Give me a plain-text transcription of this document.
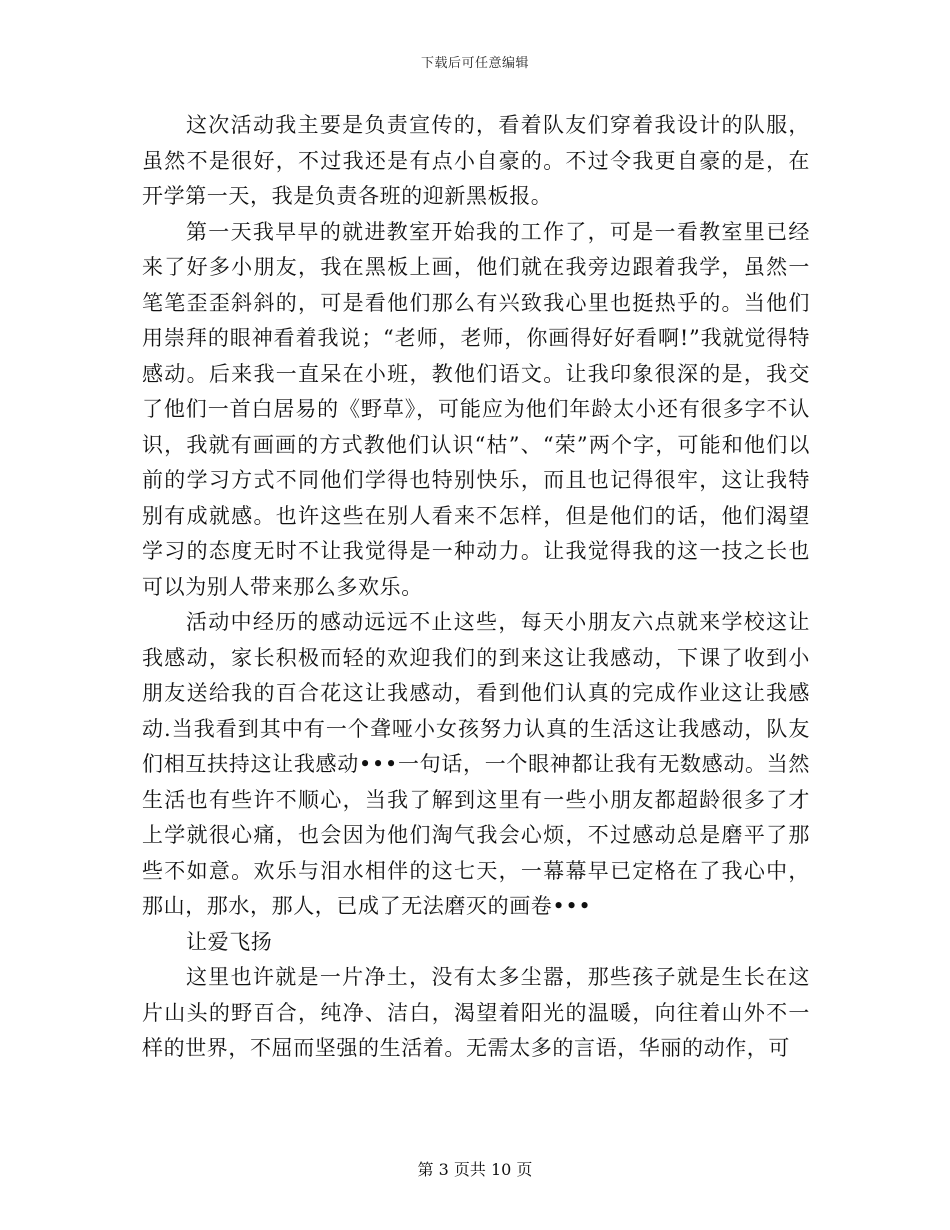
下载后可任意编辑

这次活动我主要是负责宣传的，看着队友们穿着我设计的队服，虽然不是很好，不过我还是有点小自豪的。不过令我更自豪的是，在开学第一天，我是负责各班的迎新黑板报。

第一天我早早的就进教室开始我的工作了，可是一看教室里已经来了好多小朋友，我在黑板上画，他们就在我旁边跟着我学，虽然一笔笔歪歪斜斜的，可是看他们那么有兴致我心里也挺热乎的。当他们用崇拜的眼神看着我说；“老师，老师，你画得好好看啊!”我就觉得特感动。后来我一直呆在小班，教他们语文。让我印象很深的是，我交了他们一首白居易的《野草》，可能应为他们年龄太小还有很多字不认识，我就有画画的方式教他们认识“枯”、“荣”两个字，可能和他们以前的学习方式不同他们学得也特别快乐，而且也记得很牢，这让我特别有成就感。也许这些在别人看来不怎样，但是他们的话，他们渴望学习的态度无时不让我觉得是一种动力。让我觉得我的这一技之长也可以为别人带来那么多欢乐。

活动中经历的感动远远不止这些，每天小朋友六点就来学校这让我感动，家长积极而轻的欢迎我们的到来这让我感动，下课了收到小朋友送给我的百合花这让我感动，看到他们认真的完成作业这让我感动.当我看到其中有一个聋哑小女孩努力认真的生活这让我感动，队友们相互扶持这让我感动•••一句话，一个眼神都让我有无数感动。当然生活也有些许不顺心，当我了解到这里有一些小朋友都超龄很多了才上学就很心痛，也会因为他们淘气我会心烦，不过感动总是磨平了那些不如意。欢乐与泪水相伴的这七天，一幕幕早已定格在了我心中，那山，那水，那人，已成了无法磨灭的画卷•••

让爱飞扬

这里也许就是一片净土，没有太多尘嚣，那些孩子就是生长在这片山头的野百合，纯净、洁白，渴望着阳光的温暖，向往着山外不一样的世界，不屈而坚强的生活着。无需太多的言语，华丽的动作，可

第 3 页共 10 页
